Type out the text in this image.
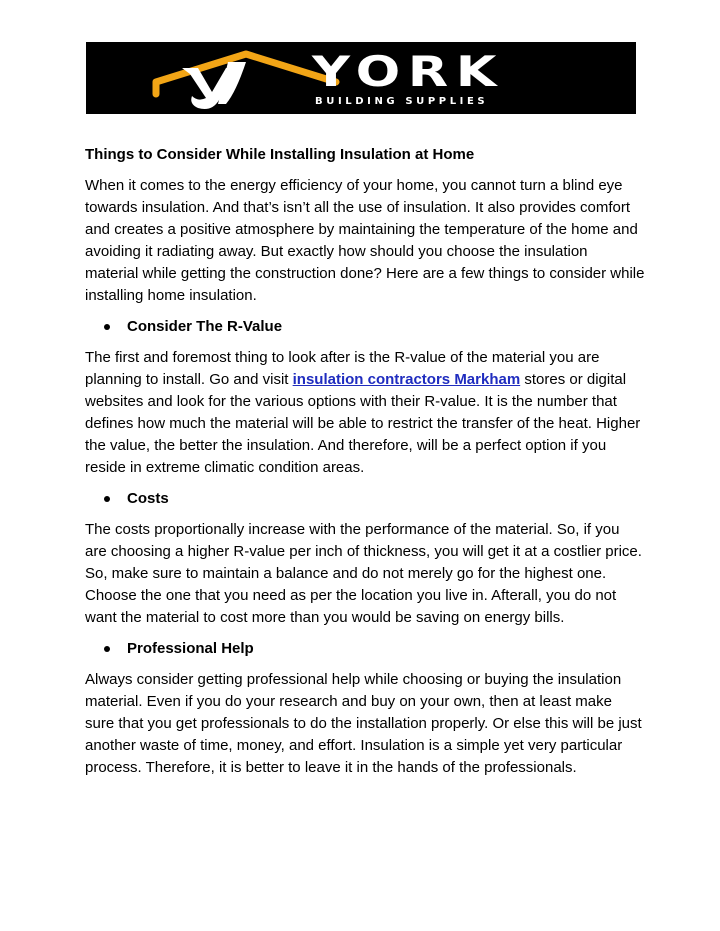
YORK
BUILDING SUPPLIES
Things to Consider While Installing Insulation at Home

When it comes to the energy efficiency of your home, you cannot turn a blind eye towards insulation. And that’s isn’t all the use of insulation. It also provides comfort and creates a positive atmosphere by maintaining the temperature of the home and avoiding it radiating away. But exactly how should you choose the insulation material while getting the construction done? Here are a few things to consider while installing home insulation.

Consider The R-Value

The first and foremost thing to look after is the R-value of the material you are planning to install. Go and visit insulation contractors Markham stores or digital websites and look for the various options with their R-value. It is the number that defines how much the material will be able to restrict the transfer of the heat. Higher the value, the better the insulation. And therefore, will be a perfect option if you reside in extreme climatic condition areas.

Costs

The costs proportionally increase with the performance of the material. So, if you are choosing a higher R-value per inch of thickness, you will get it at a costlier price. So, make sure to maintain a balance and do not merely go for the highest one. Choose the one that you need as per the location you live in. Afterall, you do not want the material to cost more than you would be saving on energy bills.

Professional Help

Always consider getting professional help while choosing or buying the insulation material. Even if you do your research and buy on your own, then at least make sure that you get professionals to do the installation properly. Or else this will be just another waste of time, money, and effort. Insulation is a simple yet very particular process. Therefore, it is better to leave it in the hands of the professionals.
